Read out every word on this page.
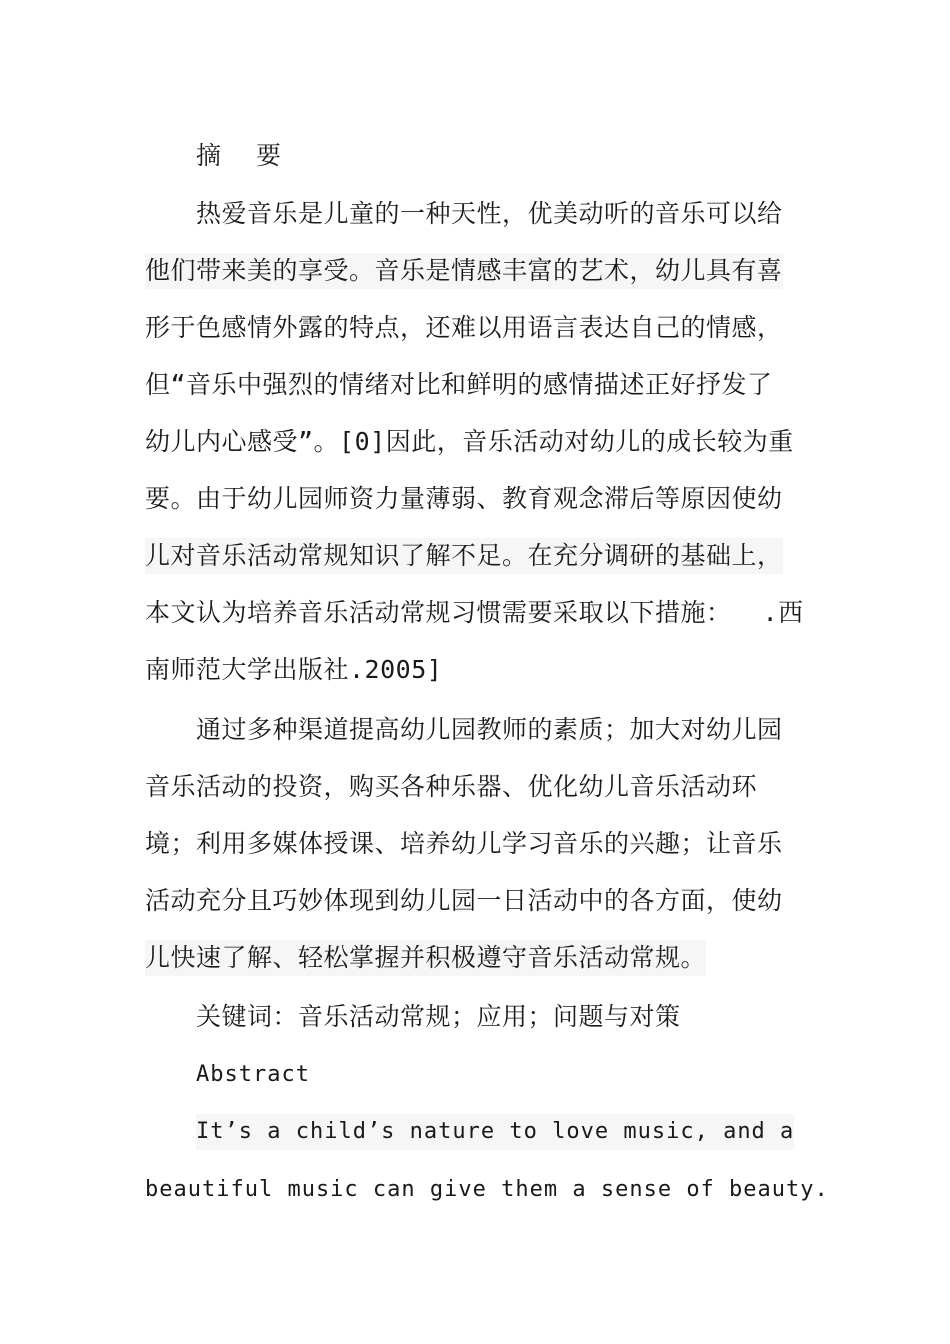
摘 要
热爱音乐是儿童的一种天性，优美动听的音乐可以给
他们带来美的享受。音乐是情感丰富的艺术，幼儿具有喜
形于色感情外露的特点，还难以用语言表达自己的情感，
但“音乐中强烈的情绪对比和鲜明的感情描述正好抒发了
幼儿内心感受”。[0]因此，音乐活动对幼儿的成长较为重
要。由于幼儿园师资力量薄弱、教育观念滞后等原因使幼
儿对音乐活动常规知识了解不足。在充分调研的基础上，
本文认为培养音乐活动常规习惯需要采取以下措施：  .西
南师范大学出版社.2005]
通过多种渠道提高幼儿园教师的素质；加大对幼儿园
音乐活动的投资，购买各种乐器、优化幼儿音乐活动环
境；利用多媒体授课、培养幼儿学习音乐的兴趣；让音乐
活动充分且巧妙体现到幼儿园一日活动中的各方面，使幼
儿快速了解、轻松掌握并积极遵守音乐活动常规。
关键词：音乐活动常规；应用；问题与对策
Abstract
It’s a child’s nature to love music, and a
beautiful music can give them a sense of beauty.
